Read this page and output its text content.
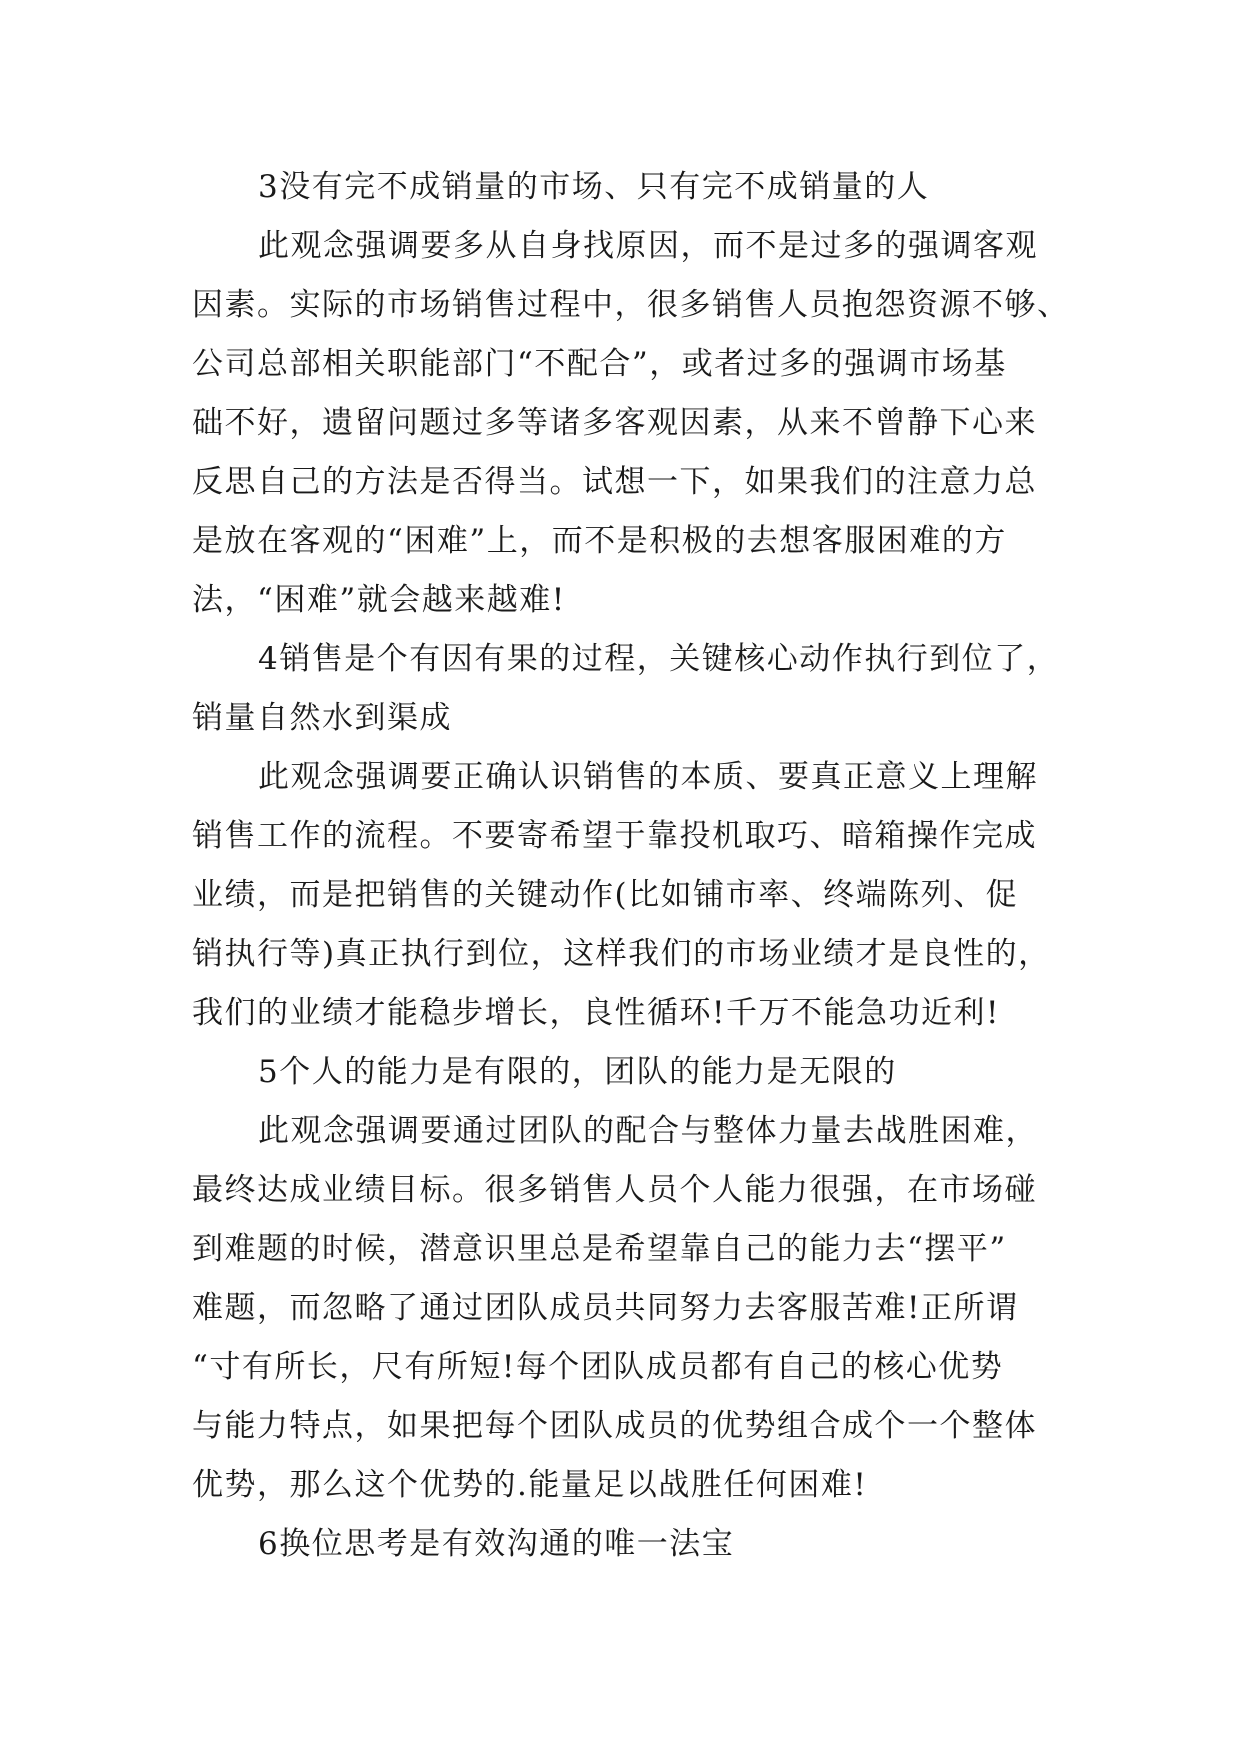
3没有完不成销量的市场、只有完不成销量的人
此观念强调要多从自身找原因，而不是过多的强调客观
因素。实际的市场销售过程中，很多销售人员抱怨资源不够、
公司总部相关职能部门“不配合”，或者过多的强调市场基
础不好，遗留问题过多等诸多客观因素，从来不曾静下心来
反思自己的方法是否得当。试想一下，如果我们的注意力总
是放在客观的“困难”上，而不是积极的去想客服困难的方
法，“困难”就会越来越难!
4销售是个有因有果的过程，关键核心动作执行到位了，
销量自然水到渠成
此观念强调要正确认识销售的本质、要真正意义上理解
销售工作的流程。不要寄希望于靠投机取巧、暗箱操作完成
业绩，而是把销售的关键动作(比如铺市率、终端陈列、促
销执行等)真正执行到位，这样我们的市场业绩才是良性的，
我们的业绩才能稳步增长，良性循环!千万不能急功近利!
5个人的能力是有限的，团队的能力是无限的
此观念强调要通过团队的配合与整体力量去战胜困难，
最终达成业绩目标。很多销售人员个人能力很强，在市场碰
到难题的时候，潜意识里总是希望靠自己的能力去“摆平”
难题，而忽略了通过团队成员共同努力去客服苦难!正所谓
“寸有所长，尺有所短!每个团队成员都有自己的核心优势
与能力特点，如果把每个团队成员的优势组合成个一个整体
优势，那么这个优势的.能量足以战胜任何困难!
6换位思考是有效沟通的唯一法宝
